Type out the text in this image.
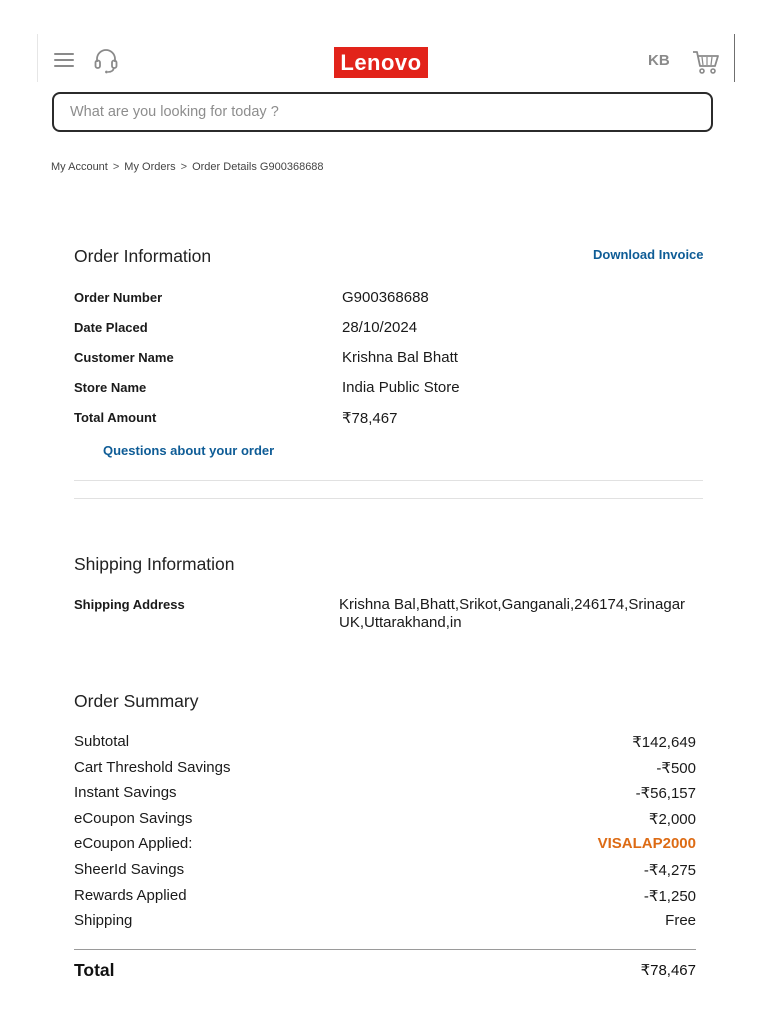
Lenovo	KB
What are you looking for today ?
My Account > My Orders > Order Details G900368688
Order Information	Download Invoice
Order Number	G900368688
Date Placed	28/10/2024
Customer Name	Krishna Bal Bhatt
Store Name	India Public Store
Total Amount	₹78,467
Questions about your order
Shipping Information
Shipping Address	Krishna Bal,Bhatt,Srikot,Ganganali,246174,Srinagar UK,Uttarakhand,in
Order Summary
Subtotal	₹142,649
Cart Threshold Savings	-₹500
Instant Savings	-₹56,157
eCoupon Savings	₹2,000
eCoupon Applied:	VISALAP2000
SheerId Savings	-₹4,275
Rewards Applied	-₹1,250
Shipping	Free
Total	₹78,467
